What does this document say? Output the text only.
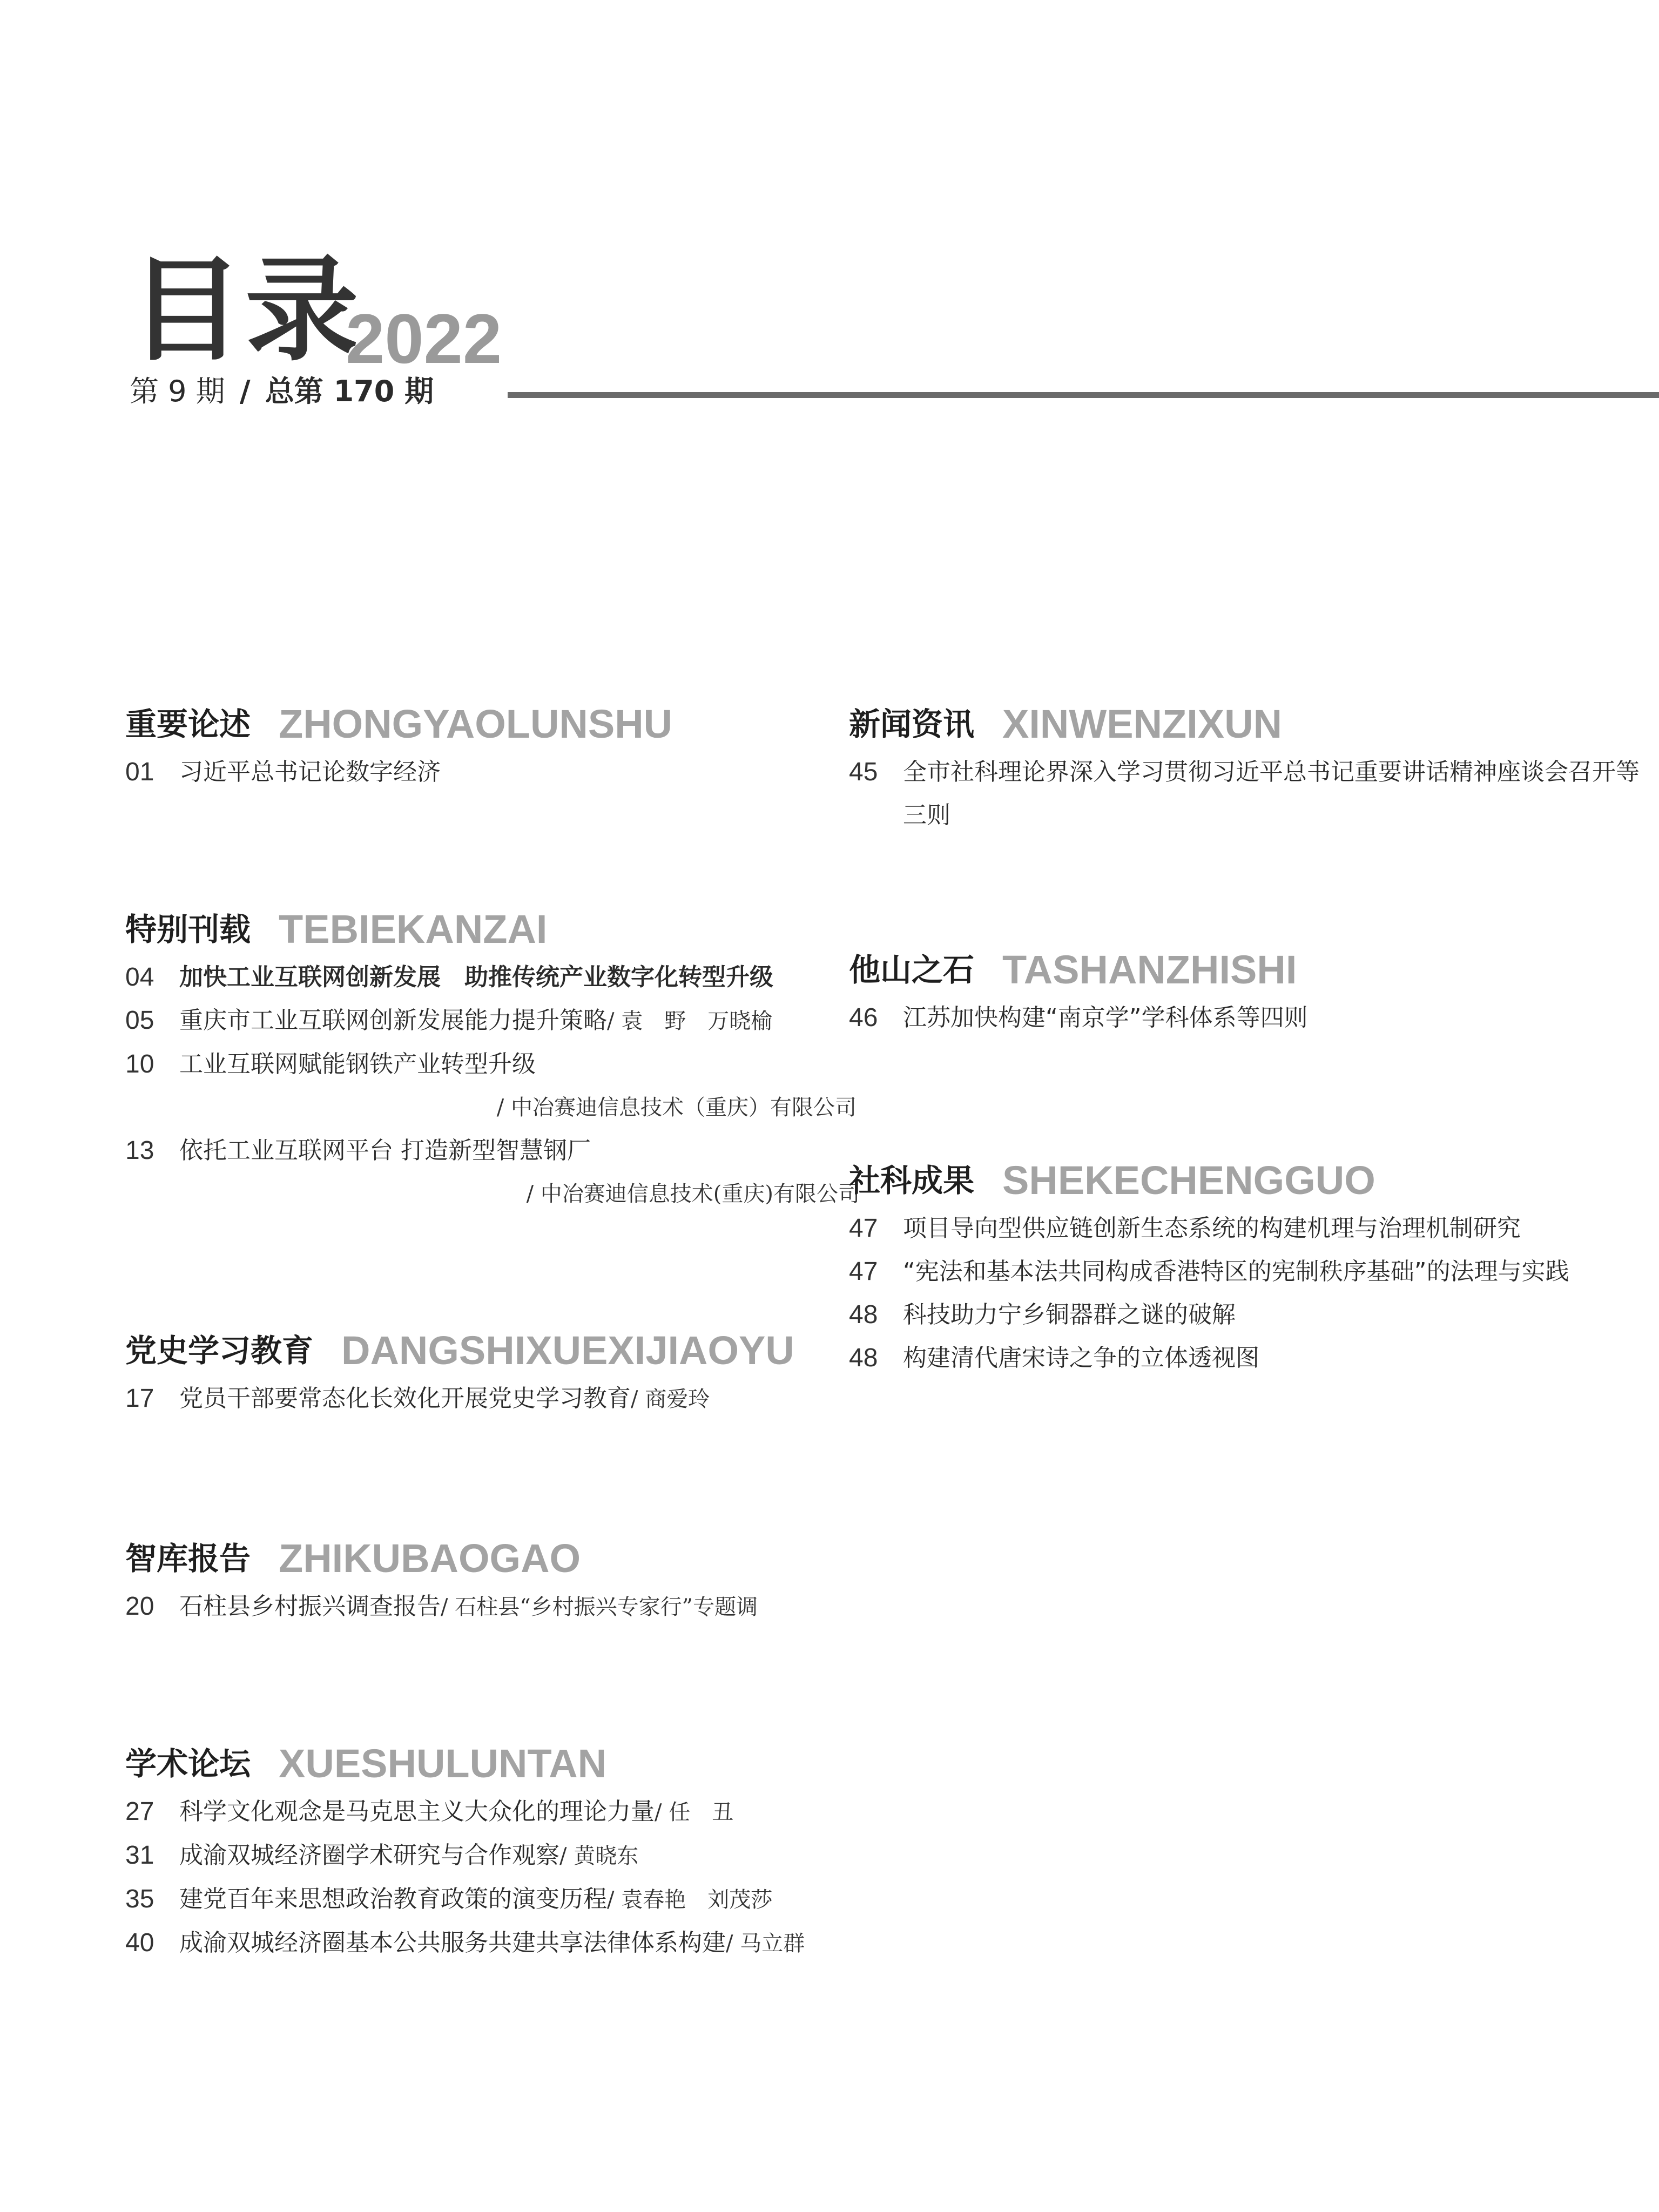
目录
2022
第 9 期 / 总第 170 期
重要论述 ZHONGYAOLUNSHU
01	习近平总书记论数字经济
特别刊载 TEBIEKANZAI
04	加快工业互联网创新发展　助推传统产业数字化转型升级
05	重庆市工业互联网创新发展能力提升策略/ 袁　野　万晓榆
10	工业互联网赋能钢铁产业转型升级
/ 中冶赛迪信息技术（重庆）有限公司
13	依托工业互联网平台 打造新型智慧钢厂
/ 中冶赛迪信息技术(重庆)有限公司
党史学习教育 DANGSHIXUEXIJIAOYU
17	党员干部要常态化长效化开展党史学习教育/ 商爱玲
智库报告 ZHIKUBAOGAO
20	石柱县乡村振兴调查报告/ 石柱县“乡村振兴专家行”专题调
学术论坛 XUESHULUNTAN
27	科学文化观念是马克思主义大众化的理论力量/ 任　丑
31	成渝双城经济圈学术研究与合作观察/ 黄晓东
35	建党百年来思想政治教育政策的演变历程/ 袁春艳　刘茂莎
40	成渝双城经济圈基本公共服务共建共享法律体系构建/ 马立群
新闻资讯 XINWENZIXUN
45	全市社科理论界深入学习贯彻习近平总书记重要讲话精神座谈会召开等
三则
他山之石 TASHANZHISHI
46	江苏加快构建“南京学”学科体系等四则
社科成果 SHEKECHENGGUO
47	项目导向型供应链创新生态系统的构建机理与治理机制研究
47	“宪法和基本法共同构成香港特区的宪制秩序基础”的法理与实践
48	科技助力宁乡铜器群之谜的破解
48	构建清代唐宋诗之争的立体透视图
